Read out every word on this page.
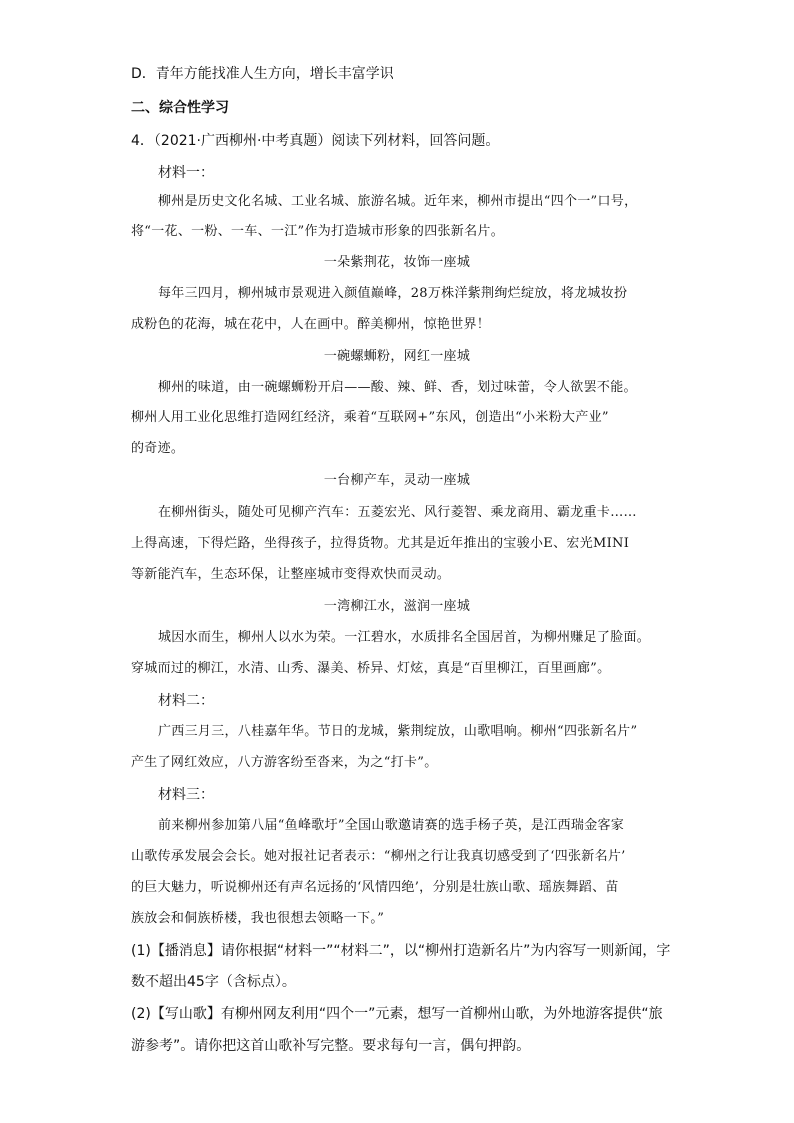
D．青年方能找准人生方向，增长丰富学识
二、综合性学习
4．（2021·广西柳州·中考真题）阅读下列材料，回答问题。
材料一：
柳州是历史文化名城、工业名城、旅游名城。近年来，柳州市提出“四个一”口号，
将“一花、一粉、一车、一江”作为打造城市形象的四张新名片。
一朵紫荆花，妆饰一座城
每年三四月，柳州城市景观进入颜值巅峰，28万株洋紫荆绚烂绽放，将龙城妆扮
成粉色的花海，城在花中，人在画中。醉美柳州，惊艳世界！
一碗螺蛳粉，网红一座城
柳州的味道，由一碗螺蛳粉开启——酸、辣、鲜、香，划过味蕾，令人欲罢不能。
柳州人用工业化思维打造网红经济，乘着“互联网+”东风，创造出“小米粉大产业”
的奇迹。
一台柳产车，灵动一座城
在柳州街头，随处可见柳产汽车：五菱宏光、风行菱智、乘龙商用、霸龙重卡……
上得高速，下得烂路，坐得孩子，拉得货物。尤其是近年推出的宝骏小E、宏光MINI
等新能汽车，生态环保，让整座城市变得欢快而灵动。
一湾柳江水，滋润一座城
城因水而生，柳州人以水为荣。一江碧水，水质排名全国居首，为柳州赚足了脸面。
穿城而过的柳江，水清、山秀、瀑美、桥异、灯炫，真是“百里柳江，百里画廊”。
材料二：
广西三月三，八桂嘉年华。节日的龙城，紫荆绽放，山歌唱响。柳州“四张新名片”
产生了网红效应，八方游客纷至沓来，为之“打卡”。
材料三：
前来柳州参加第八届“鱼峰歌圩”全国山歌邀请赛的选手杨子英，是江西瑞金客家
山歌传承发展会会长。她对报社记者表示：“柳州之行让我真切感受到了‘四张新名片’
的巨大魅力，听说柳州还有声名远扬的‘风情四绝’，分别是壮族山歌、瑶族舞蹈、苗
族放会和侗族桥楼，我也很想去领略一下。”
(1)【播消息】请你根据“材料一”“材料二”，以“柳州打造新名片”为内容写一则新闻，字
数不超出45字（含标点）。
(2)【写山歌】有柳州网友利用“四个一”元素，想写一首柳州山歌，为外地游客提供“旅
游参考”。请你把这首山歌补写完整。要求每句一言，偶句押韵。
